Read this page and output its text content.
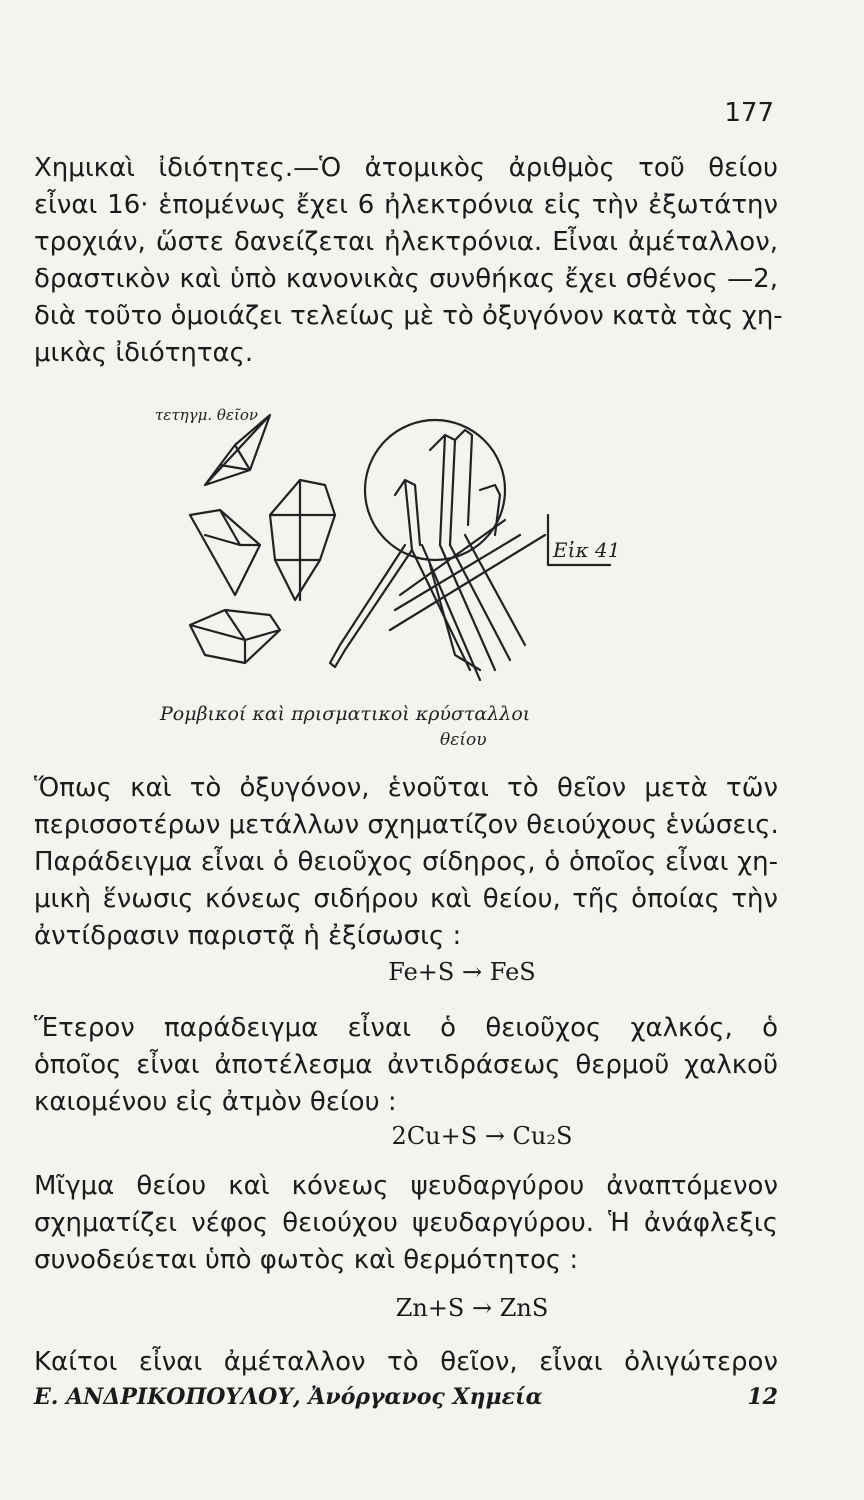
177
Χημικαὶ ἰδιότητες.—Ὁ ἀτομικὸς ἀριθμὸς τοῦ θείου
εἶναι 16· ἑπομένως ἔχει 6 ἠλεκτρόνια εἰς τὴν ἐξωτάτην
τροχιάν, ὥστε δανείζεται ἠλεκτρόνια. Εἶναι ἀμέταλλον,
δραστικὸν καὶ ὑπὸ κανονικὰς συνθήκας ἔχει σθένος —2,
διὰ τοῦτο ὁμοιάζει τελείως μὲ τὸ ὀξυγόνον κατὰ τὰς χη-
μικὰς ἰδιότητας.
τετηγμ. θεῖον
Εἰκ 41
Ρομβικοί καὶ πρισματικοὶ κρύσταλλοι
θείου
Ὅπως καὶ τὸ ὀξυγόνον, ἑνοῦται τὸ θεῖον μετὰ τῶν
περισσοτέρων μετάλλων σχηματίζον θειούχους ἑνώσεις.
Παράδειγμα εἶναι ὁ θειοῦχος σίδηρος, ὁ ὁποῖος εἶναι χη-
μικὴ ἕνωσις κόνεως σιδήρου καὶ θείου, τῆς ὁποίας τὴν
ἀντίδρασιν παριστᾷ ἡ ἐξίσωσις :
Fe+S → FeS
Ἕτερον παράδειγμα εἶναι ὁ θειοῦχος χαλκός, ὁ
ὁποῖος εἶναι ἀποτέλεσμα ἀντιδράσεως θερμοῦ χαλκοῦ
καιομένου εἰς ἀτμὸν θείου :
2Cu+S → Cu₂S
Μῖγμα θείου καὶ κόνεως ψευδαργύρου ἀναπτόμενον
σχηματίζει νέφος θειούχου ψευδαργύρου. Ἡ ἀνάφλεξις
συνοδεύεται ὑπὸ φωτὸς καὶ θερμότητος :
Zn+S → ZnS
Καίτοι εἶναι ἀμέταλλον τὸ θεῖον, εἶναι ὀλιγώτερον
Ε. ΑΝΔΡΙΚΟΠΟΥΛΟΥ, Ἀνόργανος Χημεία	12
